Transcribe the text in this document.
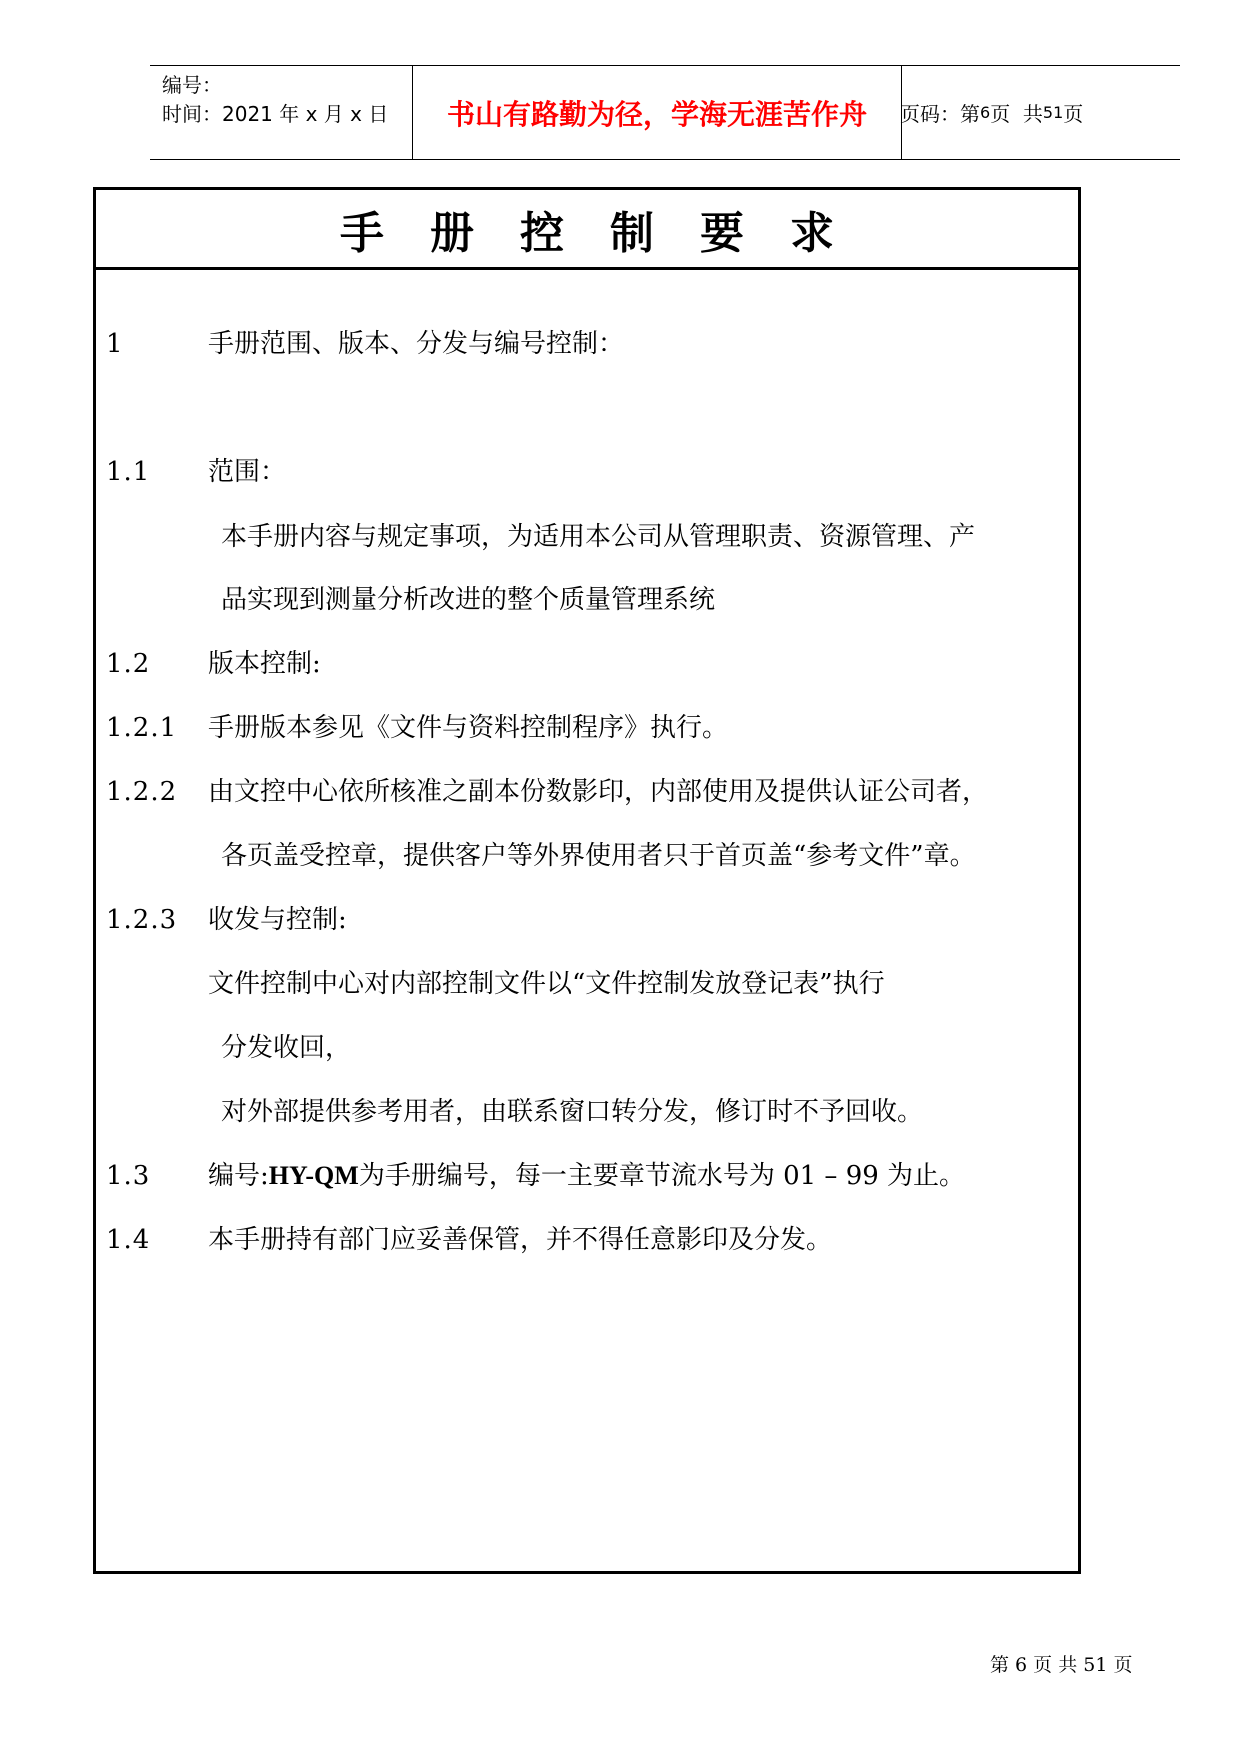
编号：
时间：2021 年 x 月 x 日	书山有路勤为径，学海无涯苦作舟	页码：第 6 页  共 51 页
手册控制要求
1	手册范围、版本、分发与编号控制：
1.1	范围：
本手册内容与规定事项，为适用本公司从管理职责、资源管理、产
品实现到测量分析改进的整个质量管理系统
1.2	版本控制:
1.2.1	手册版本参见《文件与资料控制程序》执行。
1.2.2	由文控中心依所核准之副本份数影印，内部使用及提供认证公司者，
各页盖受控章，提供客户等外界使用者只于首页盖“参考文件”章。
1.2.3	收发与控制:
文件控制中心对内部控制文件以“文件控制发放登记表”执行
分发收回，
对外部提供参考用者，由联系窗口转分发，修订时不予回收。
1.3	编号:HY-QM为手册编号，每一主要章节流水号为 01 – 99 为止。
1.4	本手册持有部门应妥善保管，并不得任意影印及分发。
第 6 页 共 51 页
